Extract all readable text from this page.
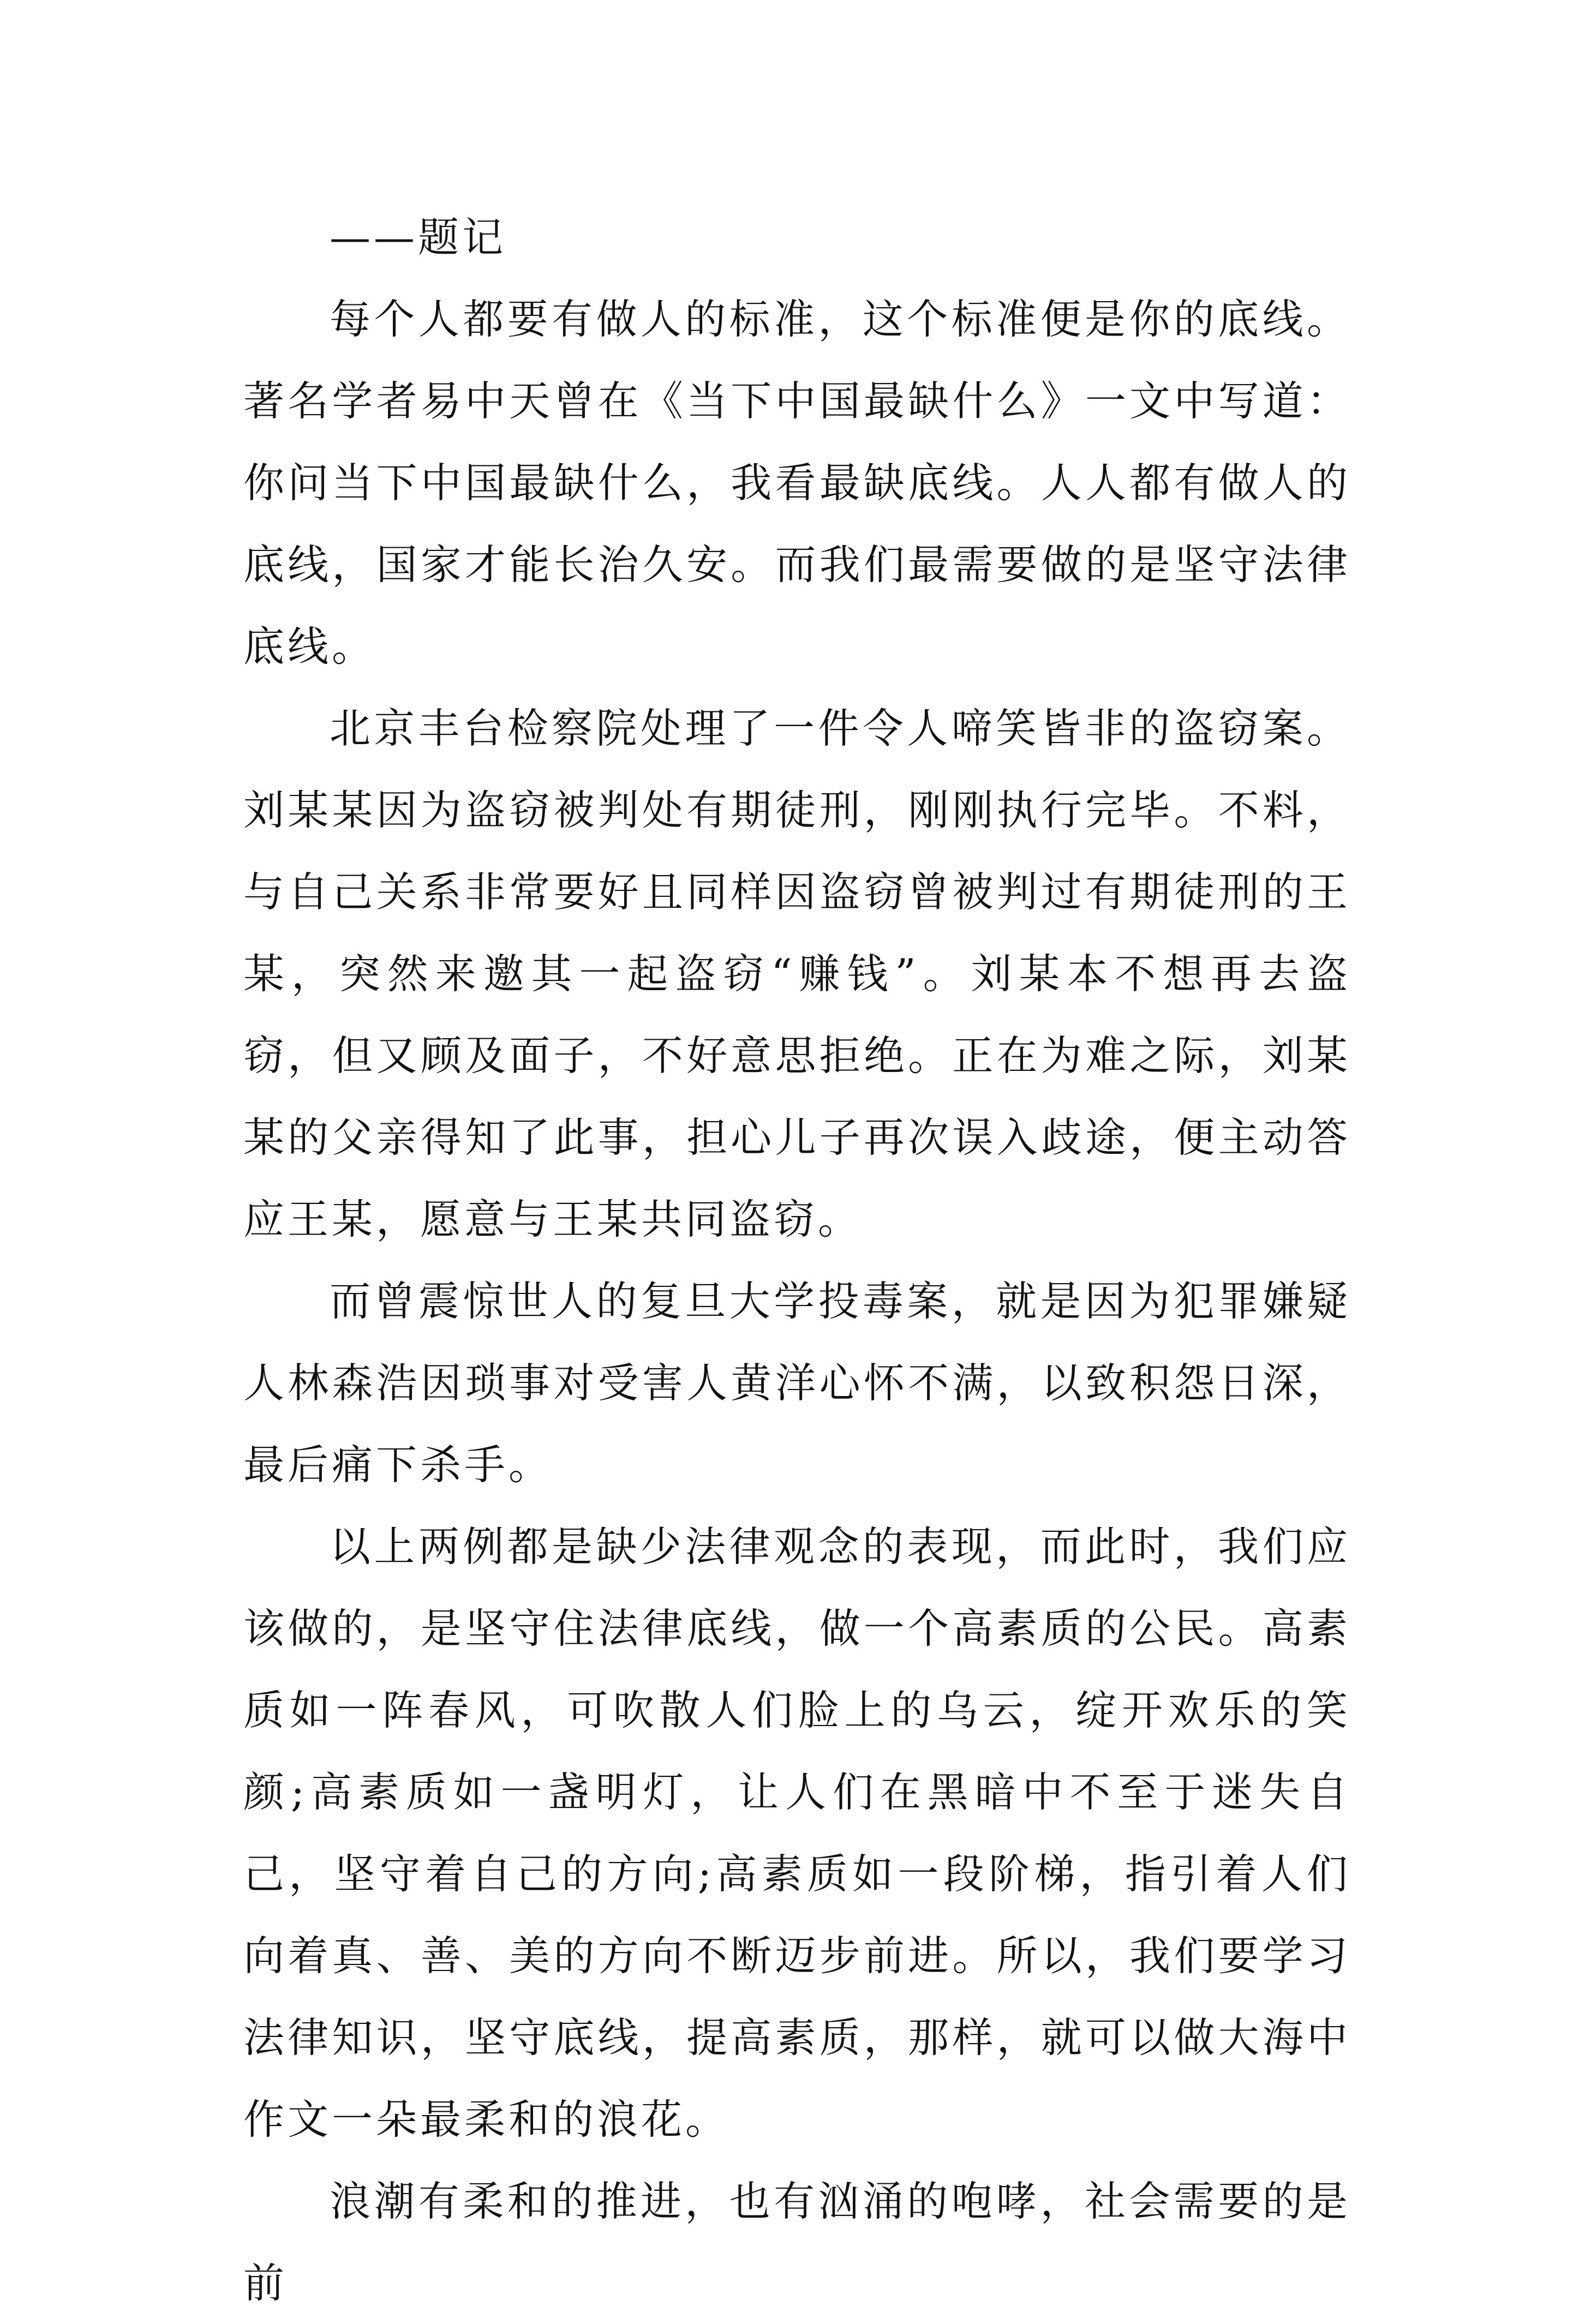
——题记

每个人都要有做人的标准，这个标准便是你的底线。著名学者易中天曾在《当下中国最缺什么》一文中写道：你问当下中国最缺什么，我看最缺底线。人人都有做人的底线，国家才能长治久安。而我们最需要做的是坚守法律底线。

北京丰台检察院处理了一件令人啼笑皆非的盗窃案。刘某某因为盗窃被判处有期徒刑，刚刚执行完毕。不料，与自己关系非常要好且同样因盗窃曾被判过有期徒刑的王某，突然来邀其一起盗窃“赚钱”。刘某本不想再去盗窃，但又顾及面子，不好意思拒绝。正在为难之际，刘某某的父亲得知了此事，担心儿子再次误入歧途，便主动答应王某，愿意与王某共同盗窃。

而曾震惊世人的复旦大学投毒案，就是因为犯罪嫌疑人林森浩因琐事对受害人黄洋心怀不满，以致积怨日深，最后痛下杀手。

以上两例都是缺少法律观念的表现，而此时，我们应该做的，是坚守住法律底线，做一个高素质的公民。高素质如一阵春风，可吹散人们脸上的乌云，绽开欢乐的笑颜;高素质如一盏明灯，让人们在黑暗中不至于迷失自己，坚守着自己的方向;高素质如一段阶梯，指引着人们向着真、善、美的方向不断迈步前进。所以，我们要学习法律知识，坚守底线，提高素质，那样，就可以做大海中作文一朵最柔和的浪花。

浪潮有柔和的推进，也有汹涌的咆哮，社会需要的是前
